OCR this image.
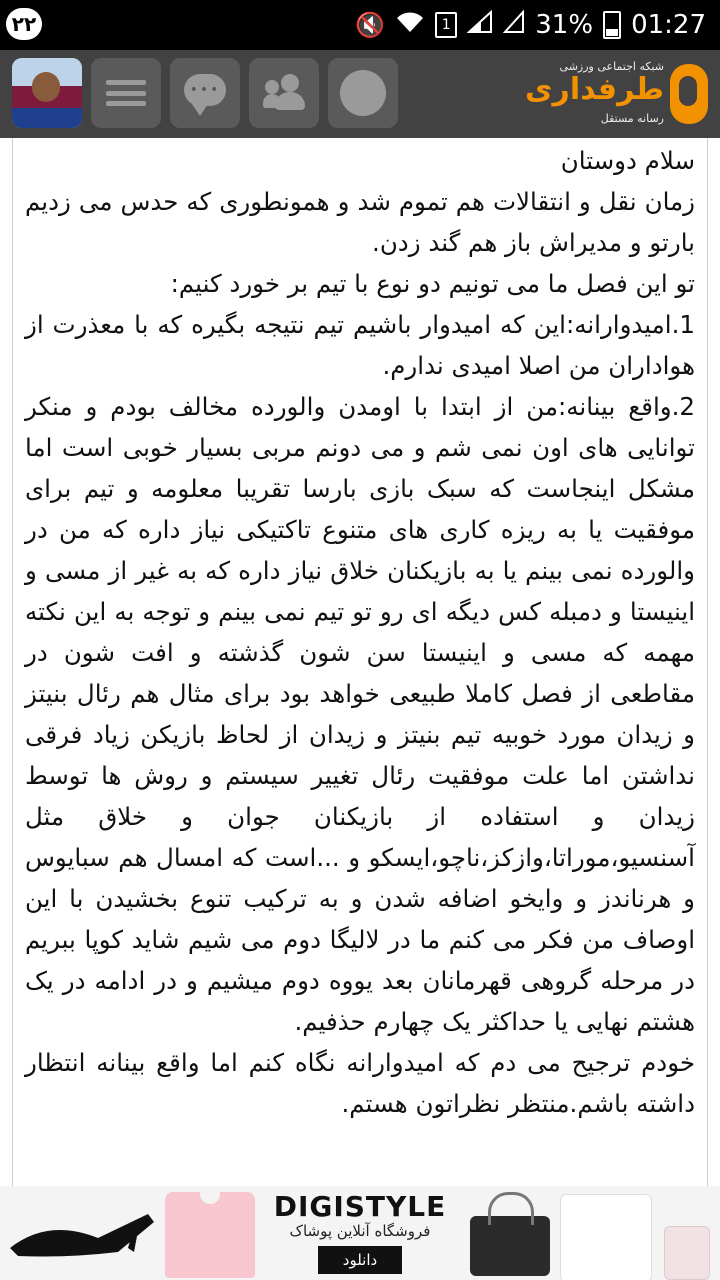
۲۲	🔇	1	31% 01:27
•••
شبکه اجتماعی ورزشی
طرفداری
رسانه مستقل

سلام دوستان

زمان نقل و انتقالات هم تموم شد و همونطوری که حدس می زدیم بارتو و مدیراش باز هم گند زدن.

تو این فصل ما می تونیم دو نوع با تیم بر خورد کنیم:

1.امیدوارانه:این که امیدوار باشیم تیم نتیجه بگیره که با معذرت از هواداران من اصلا امیدی ندارم.

2.واقع بینانه:من از ابتدا با اومدن والورده مخالف بودم و منکر توانایی های اون نمی شم و می دونم مربی بسیار خوبی است اما مشکل اینجاست که سبک بازی بارسا تقریبا معلومه و تیم برای موفقیت یا به ریزه کاری های متنوع تاکتیکی نیاز داره که من در والورده نمی بینم یا به بازیکنان خلاق نیاز داره که به غیر از مسی و اینیستا و دمبله کس دیگه ای رو تو تیم نمی بینم و توجه به این نکته مهمه که مسی و اینیستا سن شون گذشته و افت شون در مقاطعی از فصل کاملا طبیعی خواهد بود برای مثال هم رئال بنیتز و زیدان مورد خوبیه تیم بنیتز و زیدان از لحاظ بازیکن زیاد فرقی نداشتن اما علت موفقیت رئال تغییر سیستم و روش ها توسط زیدان و استفاده از بازیکنان جوان و خلاق مثل آسنسیو،موراتا،وازکز،ناچو،ایسکو و ...است که امسال هم سبایوس و هرناندز و وایخو اضافه شدن و به ترکیب تنوع بخشیدن با این اوصاف من فکر می کنم ما در لالیگا دوم می شیم شاید کوپا ببریم در مرحله گروهی قهرمانان بعد یووه دوم میشیم و در ادامه در یک هشتم نهایی یا حداکثر یک چهارم حذفیم.

خودم ترجیح می دم که امیدوارانه نگاه کنم اما واقع بینانه انتظار داشته باشم.منتظر نظراتون هستم.

DIGISTYLE
فروشگاه آنلاین پوشاک
دانلود
